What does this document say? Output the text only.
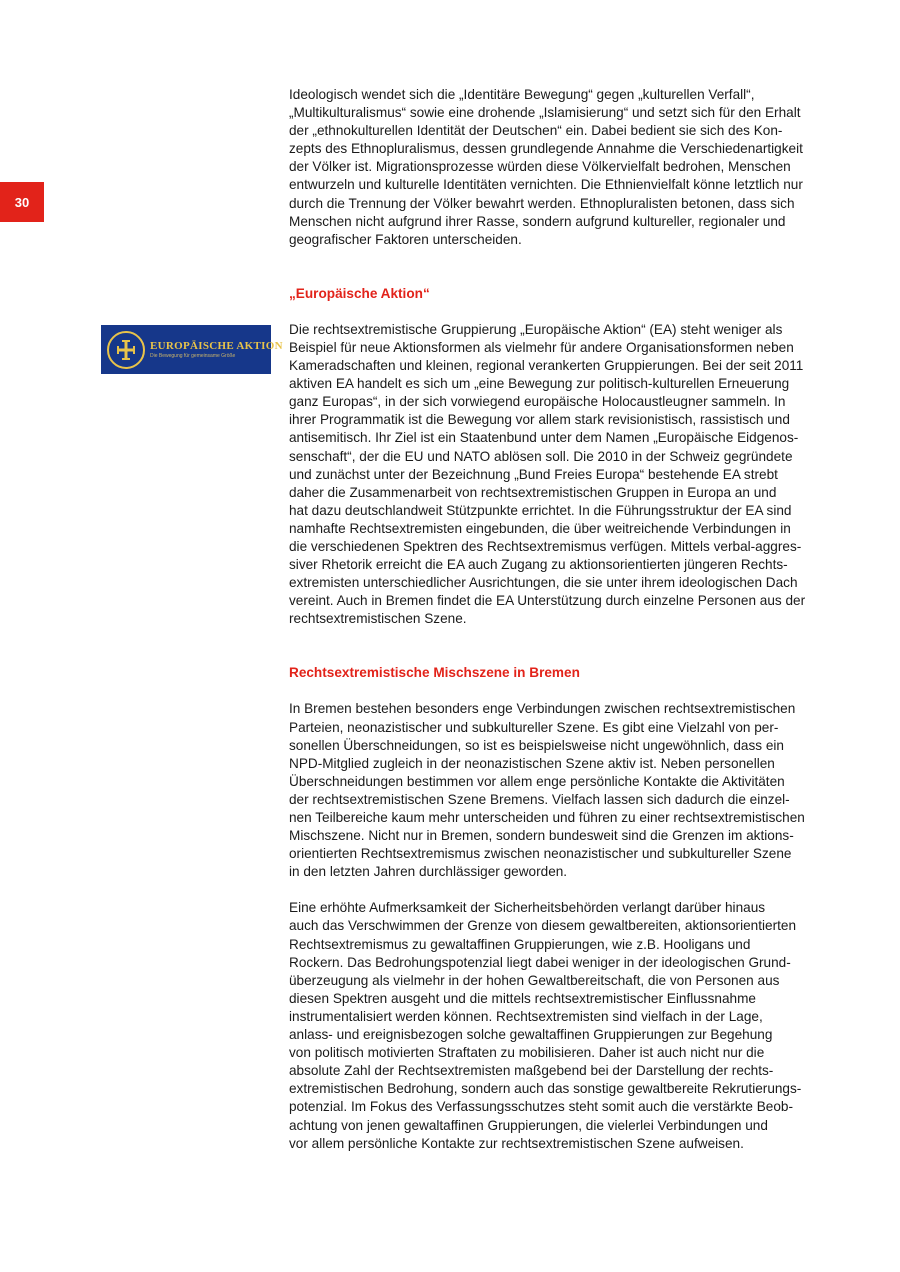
30
EUROPÄISCHE AKTION
Die Bewegung für gemeinsame Größe

Ideologisch wendet sich die „Identitäre Bewegung“ gegen „kulturellen Verfall“,
„Multikulturalismus“ sowie eine drohende „Islamisierung“ und setzt sich für den Erhalt
der „ethnokulturellen Identität der Deutschen“ ein. Dabei bedient sie sich des Kon-
zepts des Ethnopluralismus, dessen grundlegende Annahme die Verschiedenartigkeit
der Völker ist. Migrationsprozesse würden diese Völkervielfalt bedrohen, Menschen
entwurzeln und kulturelle Identitäten vernichten. Die Ethnienvielfalt könne letztlich nur
durch die Trennung der Völker bewahrt werden. Ethnopluralisten betonen, dass sich
Menschen nicht aufgrund ihrer Rasse, sondern aufgrund kultureller, regionaler und
geografischer Faktoren unterscheiden.

„Europäische Aktion“

Die rechtsextremistische Gruppierung „Europäische Aktion“ (EA) steht weniger als
Beispiel für neue Aktionsformen als vielmehr für andere Organisationsformen neben
Kameradschaften und kleinen, regional verankerten Gruppierungen. Bei der seit 2011
aktiven EA handelt es sich um „eine Bewegung zur politisch-kulturellen Erneuerung
ganz Europas“, in der sich vorwiegend europäische Holocaustleugner sammeln. In
ihrer Programmatik ist die Bewegung vor allem stark revisionistisch, rassistisch und
antisemitisch. Ihr Ziel ist ein Staatenbund unter dem Namen „Europäische Eidgenos-
senschaft“, der die EU und NATO ablösen soll. Die 2010 in der Schweiz gegründete
und zunächst unter der Bezeichnung „Bund Freies Europa“ bestehende EA strebt
daher die Zusammenarbeit von rechtsextremistischen Gruppen in Europa an und
hat dazu deutschlandweit Stützpunkte errichtet. In die Führungsstruktur der EA sind
namhafte Rechtsextremisten eingebunden, die über weitreichende Verbindungen in
die verschiedenen Spektren des Rechtsextremismus verfügen. Mittels verbal-aggres-
siver Rhetorik erreicht die EA auch Zugang zu aktionsorientierten jüngeren Rechts-
extremisten unterschiedlicher Ausrichtungen, die sie unter ihrem ideologischen Dach
vereint. Auch in Bremen findet die EA Unterstützung durch einzelne Personen aus der
rechtsextremistischen Szene.

Rechtsextremistische Mischszene in Bremen

In Bremen bestehen besonders enge Verbindungen zwischen rechtsextremistischen
Parteien, neonazistischer und subkultureller Szene. Es gibt eine Vielzahl von per-
sonellen Überschneidungen, so ist es beispielsweise nicht ungewöhnlich, dass ein
NPD-Mitglied zugleich in der neonazistischen Szene aktiv ist. Neben personellen
Überschneidungen bestimmen vor allem enge persönliche Kontakte die Aktivitäten
der rechtsextremistischen Szene Bremens. Vielfach lassen sich dadurch die einzel-
nen Teilbereiche kaum mehr unterscheiden und führen zu einer rechtsextremistischen
Mischszene. Nicht nur in Bremen, sondern bundesweit sind die Grenzen im aktions-
orientierten Rechtsextremismus zwischen neonazistischer und subkultureller Szene
in den letzten Jahren durchlässiger geworden.

Eine erhöhte Aufmerksamkeit der Sicherheitsbehörden verlangt darüber hinaus
auch das Verschwimmen der Grenze von diesem gewaltbereiten, aktionsorientierten
Rechtsextremismus zu gewaltaffinen Gruppierungen, wie z.B. Hooligans und
Rockern. Das Bedrohungspotenzial liegt dabei weniger in der ideologischen Grund-
überzeugung als vielmehr in der hohen Gewaltbereitschaft, die von Personen aus
diesen Spektren ausgeht und die mittels rechtsextremistischer Einflussnahme
instrumentalisiert werden können. Rechtsextremisten sind vielfach in der Lage,
anlass- und ereignisbezogen solche gewaltaffinen Gruppierungen zur Begehung
von politisch motivierten Straftaten zu mobilisieren. Daher ist auch nicht nur die
absolute Zahl der Rechtsextremisten maßgebend bei der Darstellung der rechts-
extremistischen Bedrohung, sondern auch das sonstige gewaltbereite Rekrutierungs-
potenzial. Im Fokus des Verfassungsschutzes steht somit auch die verstärkte Beob-
achtung von jenen gewaltaffinen Gruppierungen, die vielerlei Verbindungen und
vor allem persönliche Kontakte zur rechtsextremistischen Szene aufweisen.
